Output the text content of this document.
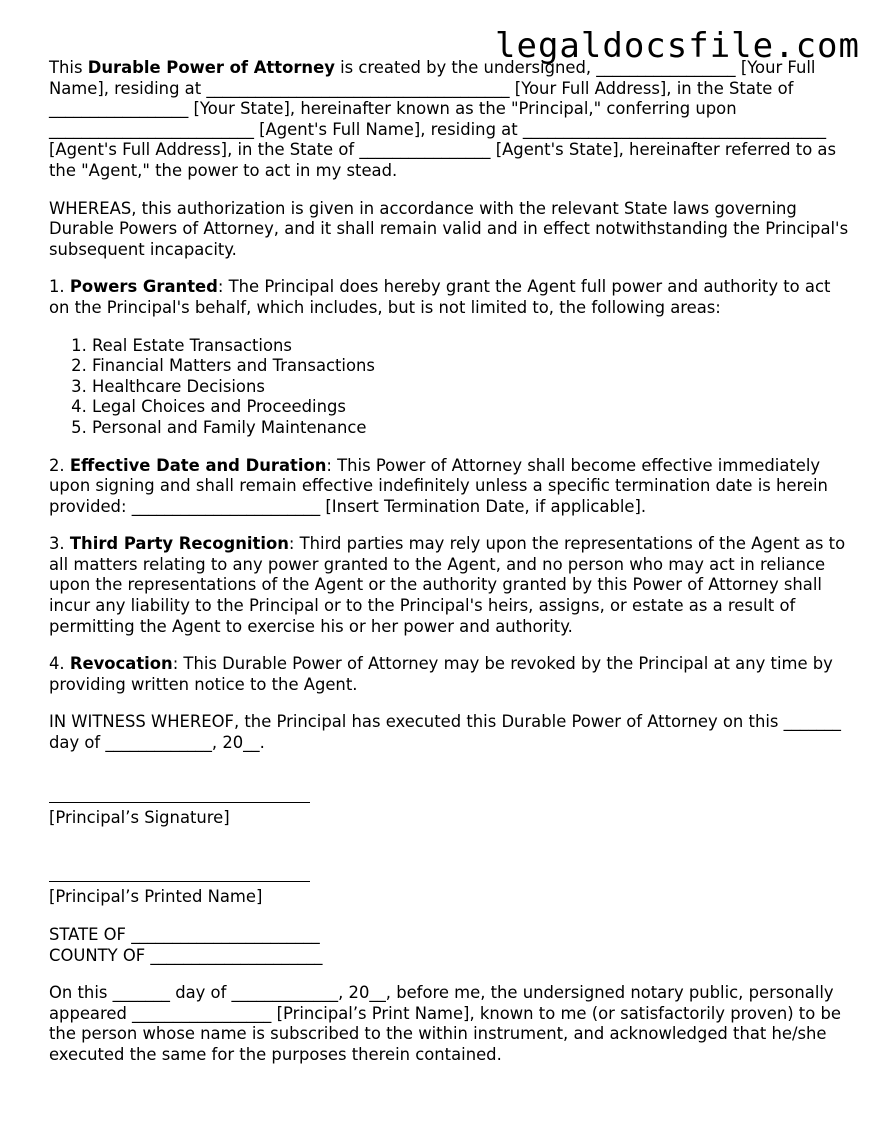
legaldocsfile.com

This Durable Power of Attorney is created by the undersigned, _________________ [Your Full Name], residing at _____________________________________ [Your Full Address], in the State of _________________ [Your State], hereinafter known as the "Principal," conferring upon _________________________ [Agent's Full Name], residing at _____________________________________ [Agent's Full Address], in the State of ________________ [Agent's State], hereinafter referred to as the "Agent," the power to act in my stead.

WHEREAS, this authorization is given in accordance with the relevant State laws governing Durable Powers of Attorney, and it shall remain valid and in effect notwithstanding the Principal's subsequent incapacity.

1. Powers Granted: The Principal does hereby grant the Agent full power and authority to act on the Principal's behalf, which includes, but is not limited to, the following areas:

1. Real Estate Transactions
2. Financial Matters and Transactions
3. Healthcare Decisions
4. Legal Choices and Proceedings
5. Personal and Family Maintenance

2. Effective Date and Duration: This Power of Attorney shall become effective immediately upon signing and shall remain effective indefinitely unless a specific termination date is herein provided: _______________________ [Insert Termination Date, if applicable].

3. Third Party Recognition: Third parties may rely upon the representations of the Agent as to all matters relating to any power granted to the Agent, and no person who may act in reliance upon the representations of the Agent or the authority granted by this Power of Attorney shall incur any liability to the Principal or to the Principal's heirs, assigns, or estate as a result of permitting the Agent to exercise his or her power and authority.

4. Revocation: This Durable Power of Attorney may be revoked by the Principal at any time by providing written notice to the Agent.

IN WITNESS WHEREOF, the Principal has executed this Durable Power of Attorney on this _______ day of _____________, 20__.

[Principal’s Signature]
[Principal’s Printed Name]
STATE OF _______________________
COUNTY OF _____________________

On this _______ day of _____________, 20__, before me, the undersigned notary public, personally appeared _________________ [Principal’s Print Name], known to me (or satisfactorily proven) to be the person whose name is subscribed to the within instrument, and acknowledged that he/she executed the same for the purposes therein contained.
